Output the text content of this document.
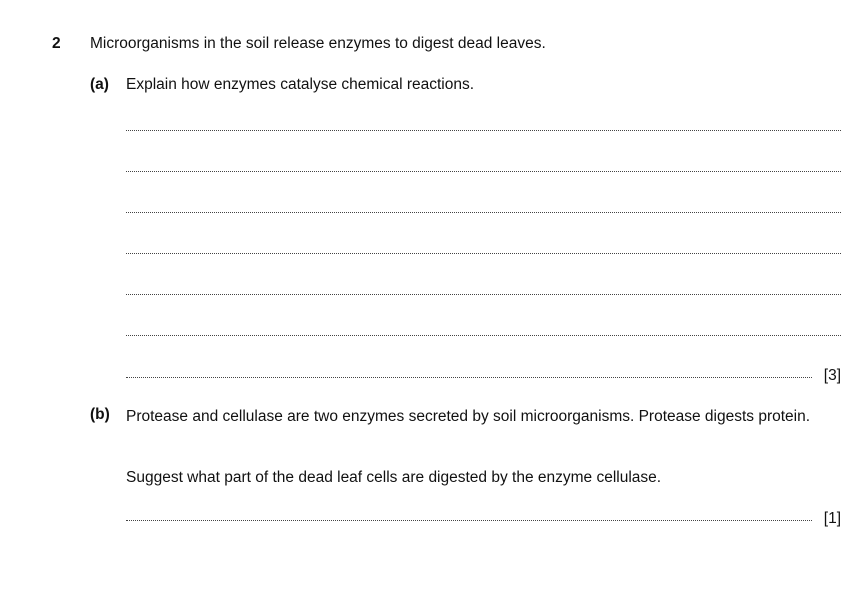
2 Microorganisms in the soil release enzymes to digest dead leaves.
(a) Explain how enzymes catalyse chemical reactions.
[3]
(b) Protease and cellulase are two enzymes secreted by soil microorganisms. Protease digests protein.
Suggest what part of the dead leaf cells are digested by the enzyme cellulase.
[1]
